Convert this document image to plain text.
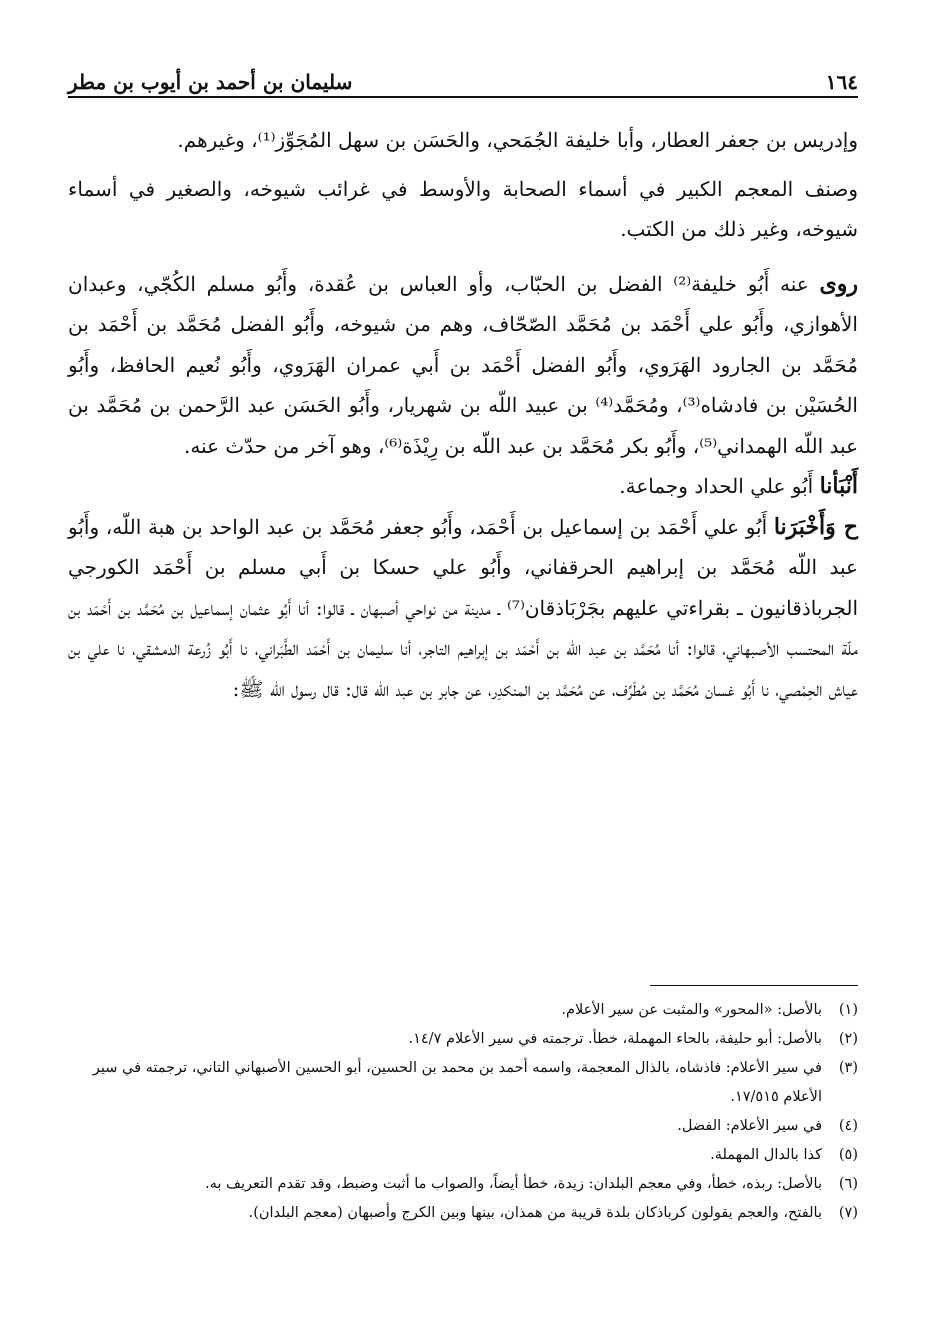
١٦٤
سليمان بن أحمد بن أيوب بن مطر

وإدريس بن جعفر العطار، وأبا خليفة الجُمَحي، والحَسَن بن سهل المُجَوِّز⁽¹⁾، وغيرهم.

وصنف المعجم الكبير في أسماء الصحابة والأوسط في غرائب شيوخه، والصغير في أسماء شيوخه، وغير ذلك من الكتب.

روى عنه أَبُو خليفة⁽²⁾ الفضل بن الحبّاب، وأو العباس بن عُقدة، وأَبُو مسلم الكُجّي، وعبدان الأهوازي، وأَبُو علي أَحْمَد بن مُحَمَّد الصّحّاف، وهم من شيوخه، وأَبُو الفضل مُحَمَّد بن أَحْمَد بن مُحَمَّد بن الجارود الهَرَوي، وأَبُو الفضل أَحْمَد بن أَبي عمران الهَرَوي، وأَبُو نُعيم الحافظ، وأَبُو الحُسَيْن بن فادشاه⁽³⁾، ومُحَمَّد⁽⁴⁾ بن عبيد اللّه بن شهريار، وأَبُو الحَسَن عبد الرَّحمن بن مُحَمَّد بن عبد اللّه الهمداني⁽⁵⁾، وأَبُو بكر مُحَمَّد بن عبد اللّه بن رِيْذَة⁽⁶⁾، وهو آخر من حدّث عنه.

أَنْبَأنا أَبُو علي الحداد وجماعة.

ح وَأَخْبَرَنا أَبُو علي أَحْمَد بن إسماعيل بن أَحْمَد، وأَبُو جعفر مُحَمَّد بن عبد الواحد بن هبة اللّه، وأَبُو عبد اللّه مُحَمَّد بن إبراهيم الحرقفاني، وأَبُو علي حسكا بن أَبي مسلم بن أَحْمَد الكورجي الجرباذقانيون ـ بقراءتي عليهم بجَرْبَاذقان⁽⁷⁾ ـ مدينة من نواحي أصبهان ـ قالوا: أنا أَبُو عثمان إسماعيل بن مُحَمَّد بن أَحْمَد بن ملّة المحتسب الأصبهاني، قالوا: أنا مُحَمَّد بن عبد اللّه بن أَحْمَد بن إبراهيم التاجر، أنا سليمان بن أَحْمَد الطَّبَراني، نا أَبُو زُرعة الدمشقي، نا علي بن عياش الحِمْصي، نا أَبُو غسان مُحَمَّد بن مُطَرِّف، عن مُحَمَّد بن المنكدِر، عن جابر بن عبد اللّه قال: قال رسول اللّه ﷺ:

(١)
بالأصل: «المحور» والمثبت عن سير الأعلام.
(٢)
بالأصل: أبو حليفة، بالحاء المهملة، خطأ. ترجمته في سير الأعلام ١٤/٧.
(٣)
في سير الأعلام: فاذشاه، بالذال المعجمة، واسمه أحمد بن محمد بن الحسين، أبو الحسين الأصبهاني التاني، ترجمته في سير الأعلام ١٧/٥١٥.
(٤)
في سير الأعلام: الفضل.
(٥)
كذا بالدال المهملة.
(٦)
بالأصل: ربذه، خطأ، وفي معجم البلدان: زيدة، خطأ أيضاً، والصواب ما أثبت وضبط، وقد تقدم التعريف به.
(٧)
بالفتح، والعجم يقولون كرباذكان بلدة قريبة من همذان، بينها وبين الكرج وأصبهان (معجم البلدان).
